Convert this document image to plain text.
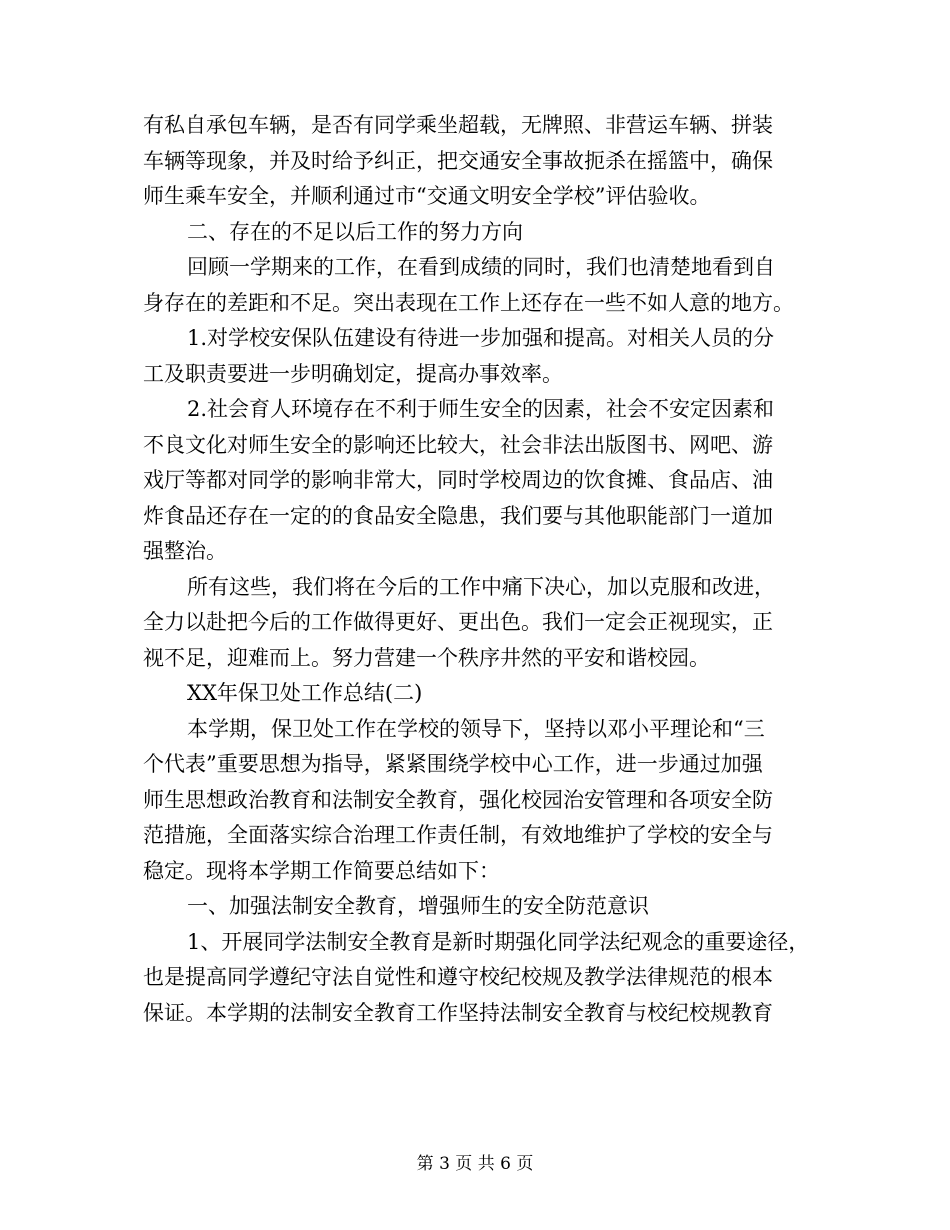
有私自承包车辆，是否有同学乘坐超载，无牌照、非营运车辆、拼装
车辆等现象，并及时给予纠正，把交通安全事故扼杀在摇篮中，确保
师生乘车安全，并顺利通过市“交通文明安全学校”评估验收。
二、存在的不足以后工作的努力方向
回顾一学期来的工作，在看到成绩的同时，我们也清楚地看到自
身存在的差距和不足。突出表现在工作上还存在一些不如人意的地方。
1.对学校安保队伍建设有待进一步加强和提高。对相关人员的分
工及职责要进一步明确划定，提高办事效率。
2.社会育人环境存在不利于师生安全的因素，社会不安定因素和
不良文化对师生安全的影响还比较大，社会非法出版图书、网吧、游
戏厅等都对同学的影响非常大，同时学校周边的饮食摊、食品店、油
炸食品还存在一定的的食品安全隐患，我们要与其他职能部门一道加
强整治。
所有这些，我们将在今后的工作中痛下决心，加以克服和改进，
全力以赴把今后的工作做得更好、更出色。我们一定会正视现实，正
视不足，迎难而上。努力营建一个秩序井然的平安和谐校园。
XX年保卫处工作总结(二)
本学期，保卫处工作在学校的领导下，坚持以邓小平理论和“三
个代表”重要思想为指导，紧紧围绕学校中心工作，进一步通过加强
师生思想政治教育和法制安全教育，强化校园治安管理和各项安全防
范措施，全面落实综合治理工作责任制，有效地维护了学校的安全与
稳定。现将本学期工作简要总结如下：
一、加强法制安全教育，增强师生的安全防范意识
1、开展同学法制安全教育是新时期强化同学法纪观念的重要途径，
也是提高同学遵纪守法自觉性和遵守校纪校规及教学法律规范的根本
保证。本学期的法制安全教育工作坚持法制安全教育与校纪校规教育
第 3 页 共 6 页
